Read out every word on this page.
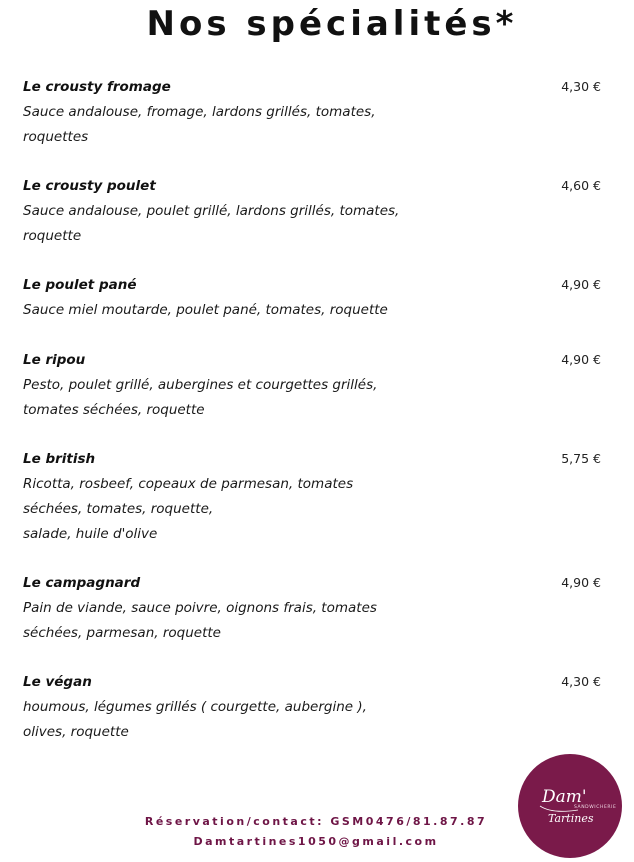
Nos spécialités*

Le crousty fromage

Sauce andalouse, fromage, lardons grillés, tomates,
roquettes

4,30 €

Le crousty poulet

Sauce andalouse, poulet grillé, lardons grillés, tomates,
roquette

4,60 €

Le poulet pané

Sauce miel moutarde, poulet pané, tomates, roquette

4,90 €

Le ripou

Pesto, poulet grillé, aubergines et courgettes grillés,
tomates séchées, roquette

4,90 €

Le british

Ricotta, rosbeef, copeaux de parmesan, tomates
séchées, tomates, roquette,
salade, huile d'olive

5,75 €

Le campagnard

Pain de viande, sauce poivre, oignons frais, tomates
séchées, parmesan, roquette

4,90 €

Le végan

houmous, légumes grillés ( courgette, aubergine ),
olives, roquette

4,30 €
Réservation/contact: GSM0476/81.87.87
Damtartines1050@gmail.com
Dam'
SANDWICHERIE
Tartines
